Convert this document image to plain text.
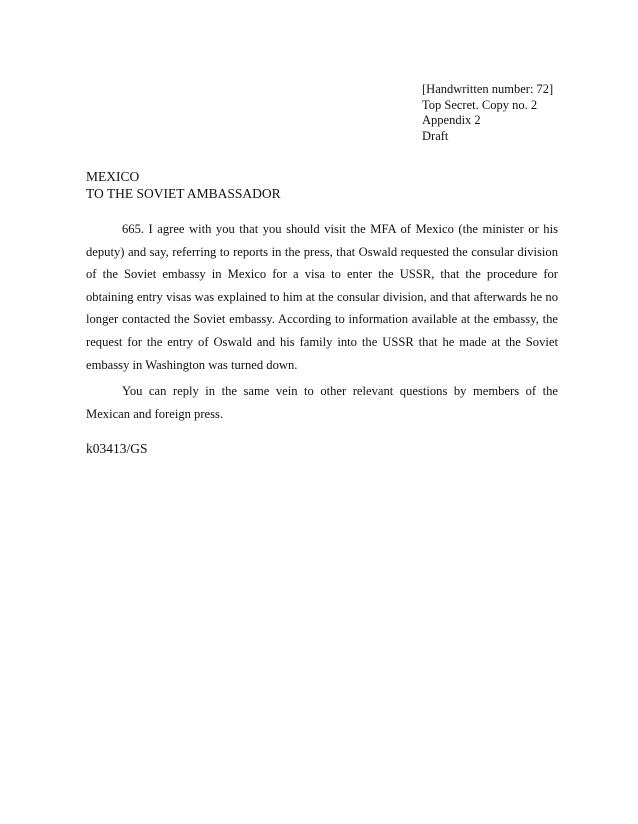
[Handwritten number: 72]
Top Secret. Copy no. 2
Appendix 2
Draft
MEXICO
TO THE SOVIET AMBASSADOR

665. I agree with you that you should visit the MFA of Mexico (the minister or his deputy) and say, referring to reports in the press, that Oswald requested the consular division of the Soviet embassy in Mexico for a visa to enter the USSR, that the procedure for obtaining entry visas was explained to him at the consular division, and that afterwards he no longer contacted the Soviet embassy. According to information available at the embassy, the request for the entry of Oswald and his family into the USSR that he made at the Soviet embassy in Washington was turned down.

You can reply in the same vein to other relevant questions by members of the Mexican and foreign press.

k03413/GS
